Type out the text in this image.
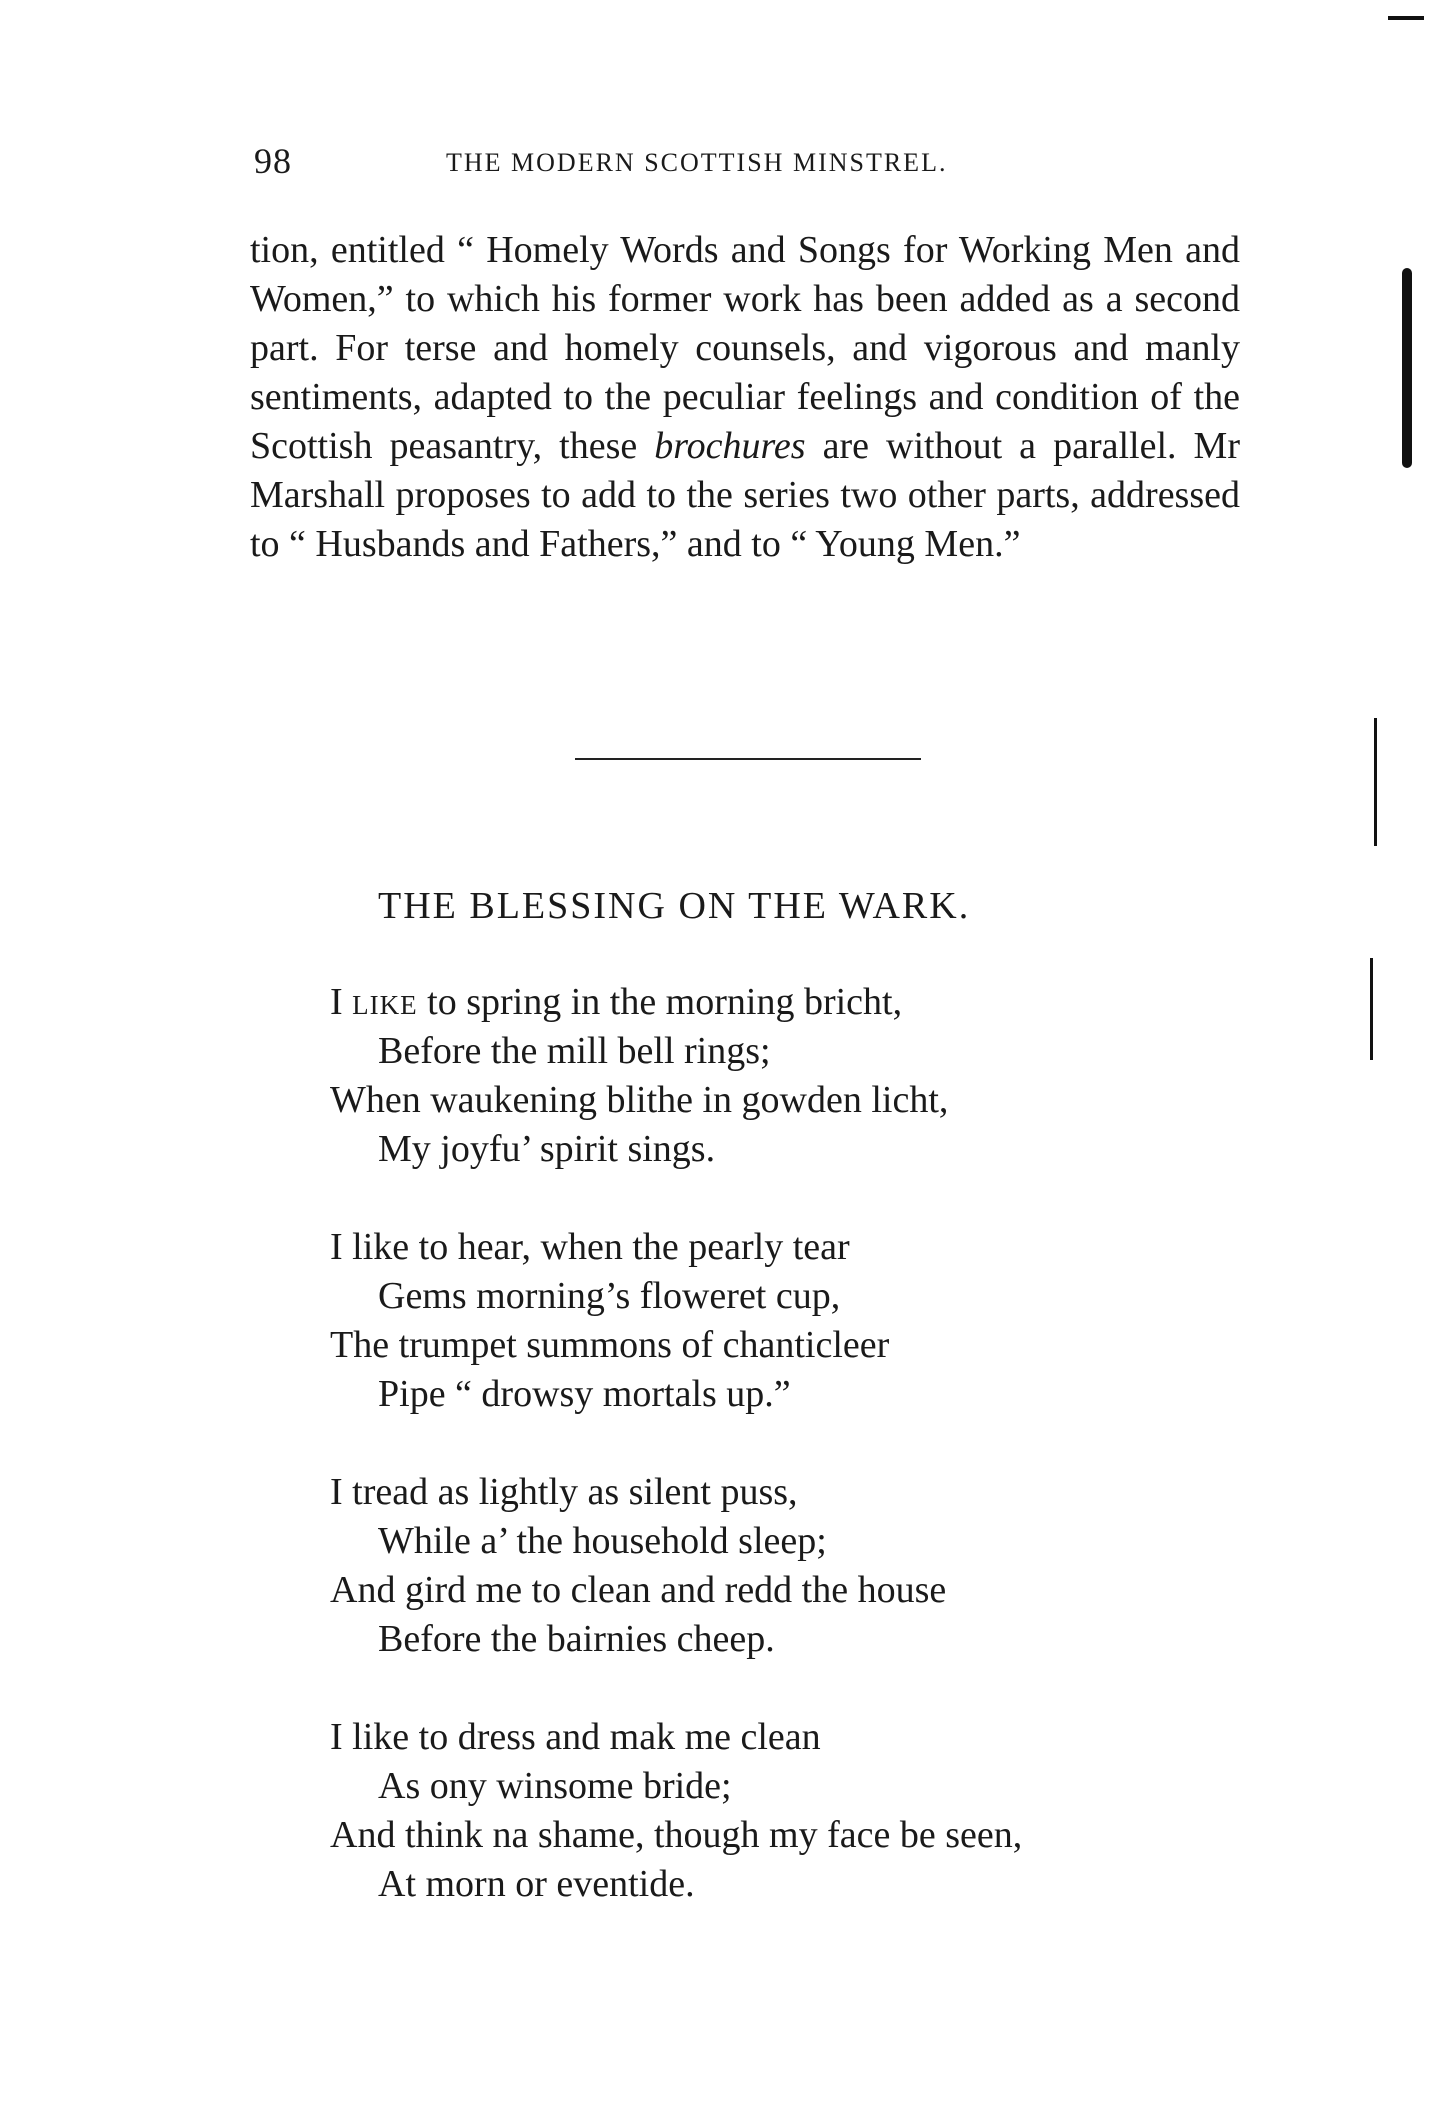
98	THE MODERN SCOTTISH MINSTREL.

tion, entitled “ Homely Words and Songs for Working Men and Women,” to which his former work has been added as a second part. For terse and homely counsels, and vigorous and manly sentiments, adapted to the peculiar feelings and condition of the Scottish peasantry, these brochures are without a parallel. Mr Marshall proposes to add to the series two other parts, addressed to “ Husbands and Fathers,” and to “ Young Men.”

THE BLESSING ON THE WARK.
I like to spring in the morning bricht,
Before the mill bell rings;
When waukening blithe in gowden licht,
My joyfu’ spirit sings.
I like to hear, when the pearly tear
Gems morning’s floweret cup,
The trumpet summons of chanticleer
Pipe “ drowsy mortals up.”
I tread as lightly as silent puss,
While a’ the household sleep;
And gird me to clean and redd the house
Before the bairnies cheep.
I like to dress and mak me clean
As ony winsome bride;
And think na shame, though my face be seen,
At morn or eventide.
